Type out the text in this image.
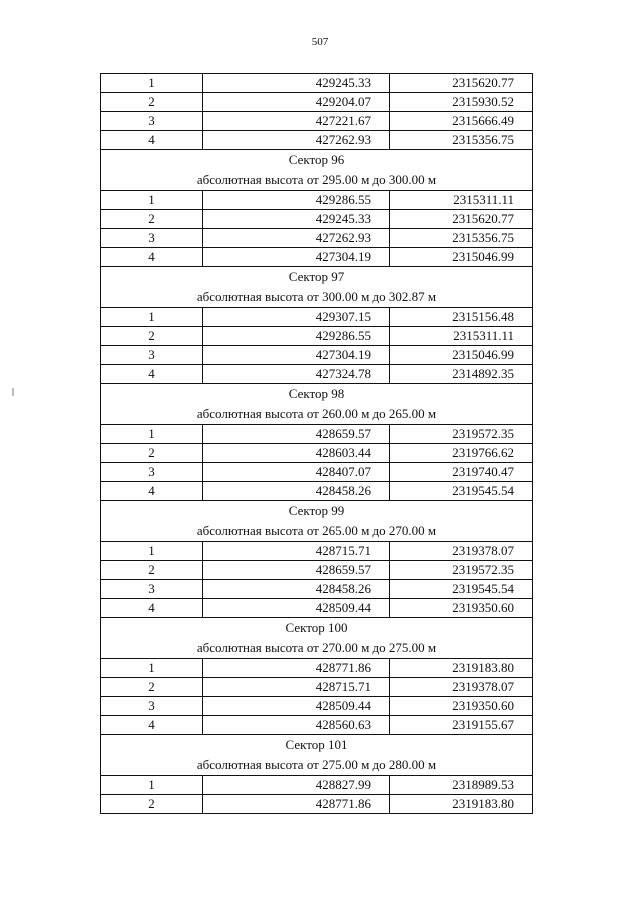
507
1	429245.33	2315620.77
2	429204.07	2315930.52
3	427221.67	2315666.49
4	427262.93	2315356.75

Сектор 96
абсолютная высота от 295.00 м до 300.00 м		

1	429286.55	2315311.11
2	429245.33	2315620.77
3	427262.93	2315356.75
4	427304.19	2315046.99

Сектор 97
абсолютная высота от 300.00 м до 302.87 м		

1	429307.15	2315156.48
2	429286.55	2315311.11
3	427304.19	2315046.99
4	427324.78	2314892.35

Сектор 98
абсолютная высота от 260.00 м до 265.00 м		

1	428659.57	2319572.35
2	428603.44	2319766.62
3	428407.07	2319740.47
4	428458.26	2319545.54

Сектор 99
абсолютная высота от 265.00 м до 270.00 м		

1	428715.71	2319378.07
2	428659.57	2319572.35
3	428458.26	2319545.54
4	428509.44	2319350.60

Сектор 100
абсолютная высота от 270.00 м до 275.00 м		

1	428771.86	2319183.80
2	428715.71	2319378.07
3	428509.44	2319350.60
4	428560.63	2319155.67

Сектор 101
абсолютная высота от 275.00 м до 280.00 м		

1	428827.99	2318989.53
2	428771.86	2319183.80
